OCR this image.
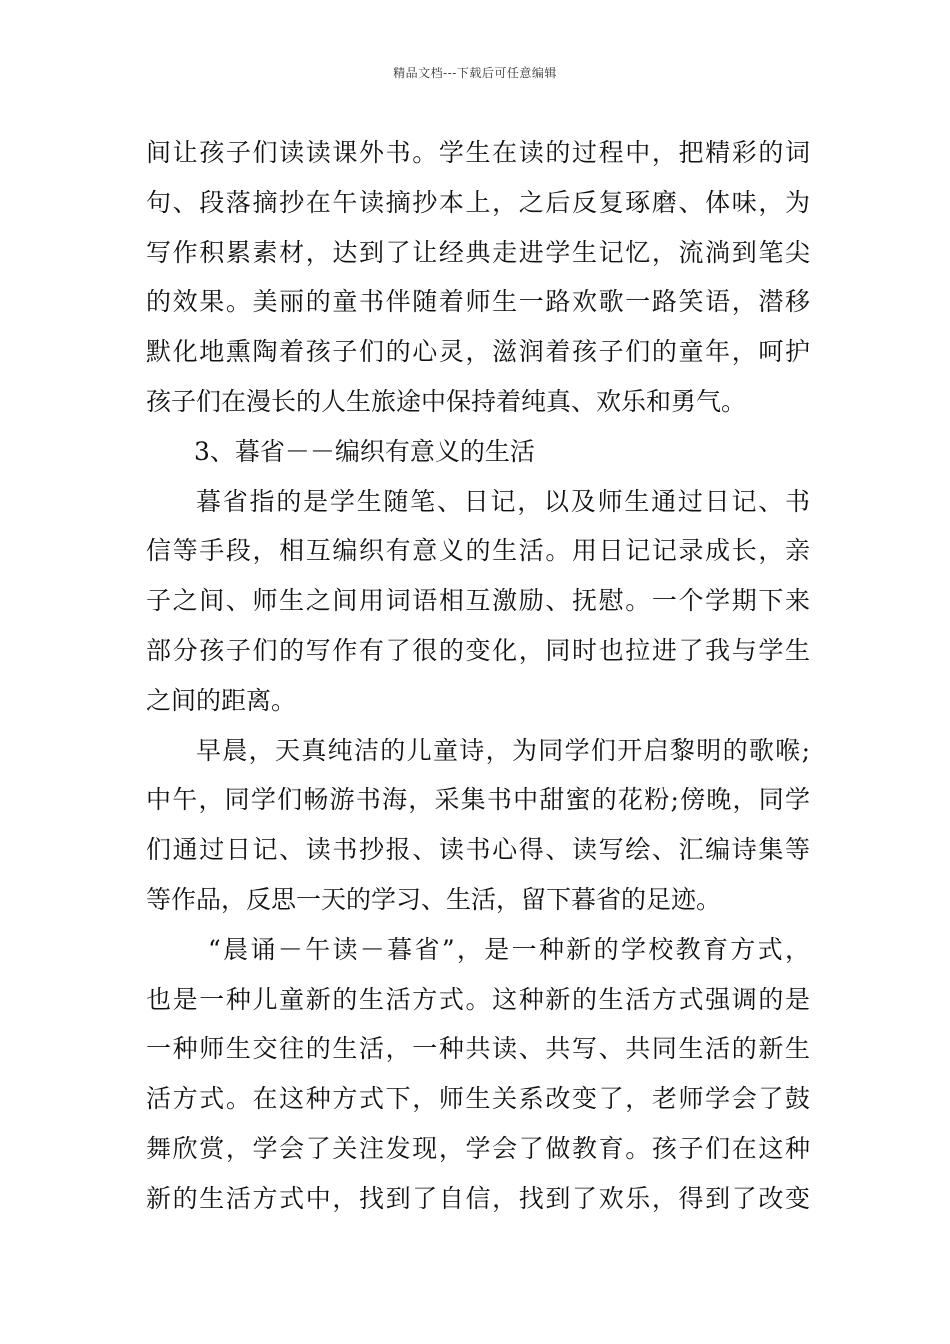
精品文档---下载后可任意编辑
间让孩子们读读课外书。学生在读的过程中，把精彩的词
句、段落摘抄在午读摘抄本上，之后反复琢磨、体味，为
写作积累素材，达到了让经典走进学生记忆，流淌到笔尖
的效果。美丽的童书伴随着师生一路欢歌一路笑语，潜移
默化地熏陶着孩子们的心灵，滋润着孩子们的童年，呵护
孩子们在漫长的人生旅途中保持着纯真、欢乐和勇气。
3、暮省－－编织有意义的生活
暮省指的是学生随笔、日记，以及师生通过日记、书
信等手段，相互编织有意义的生活。用日记记录成长，亲
子之间、师生之间用词语相互激励、抚慰。一个学期下来
部分孩子们的写作有了很的变化，同时也拉进了我与学生
之间的距离。
早晨，天真纯洁的儿童诗，为同学们开启黎明的歌喉;
中午，同学们畅游书海，采集书中甜蜜的花粉;傍晚，同学
们通过日记、读书抄报、读书心得、读写绘、汇编诗集等
等作品，反思一天的学习、生活，留下暮省的足迹。
“晨诵－午读－暮省”，是一种新的学校教育方式，
也是一种儿童新的生活方式。这种新的生活方式强调的是
一种师生交往的生活，一种共读、共写、共同生活的新生
活方式。在这种方式下，师生关系改变了，老师学会了鼓
舞欣赏，学会了关注发现，学会了做教育。孩子们在这种
新的生活方式中，找到了自信，找到了欢乐，得到了改变
